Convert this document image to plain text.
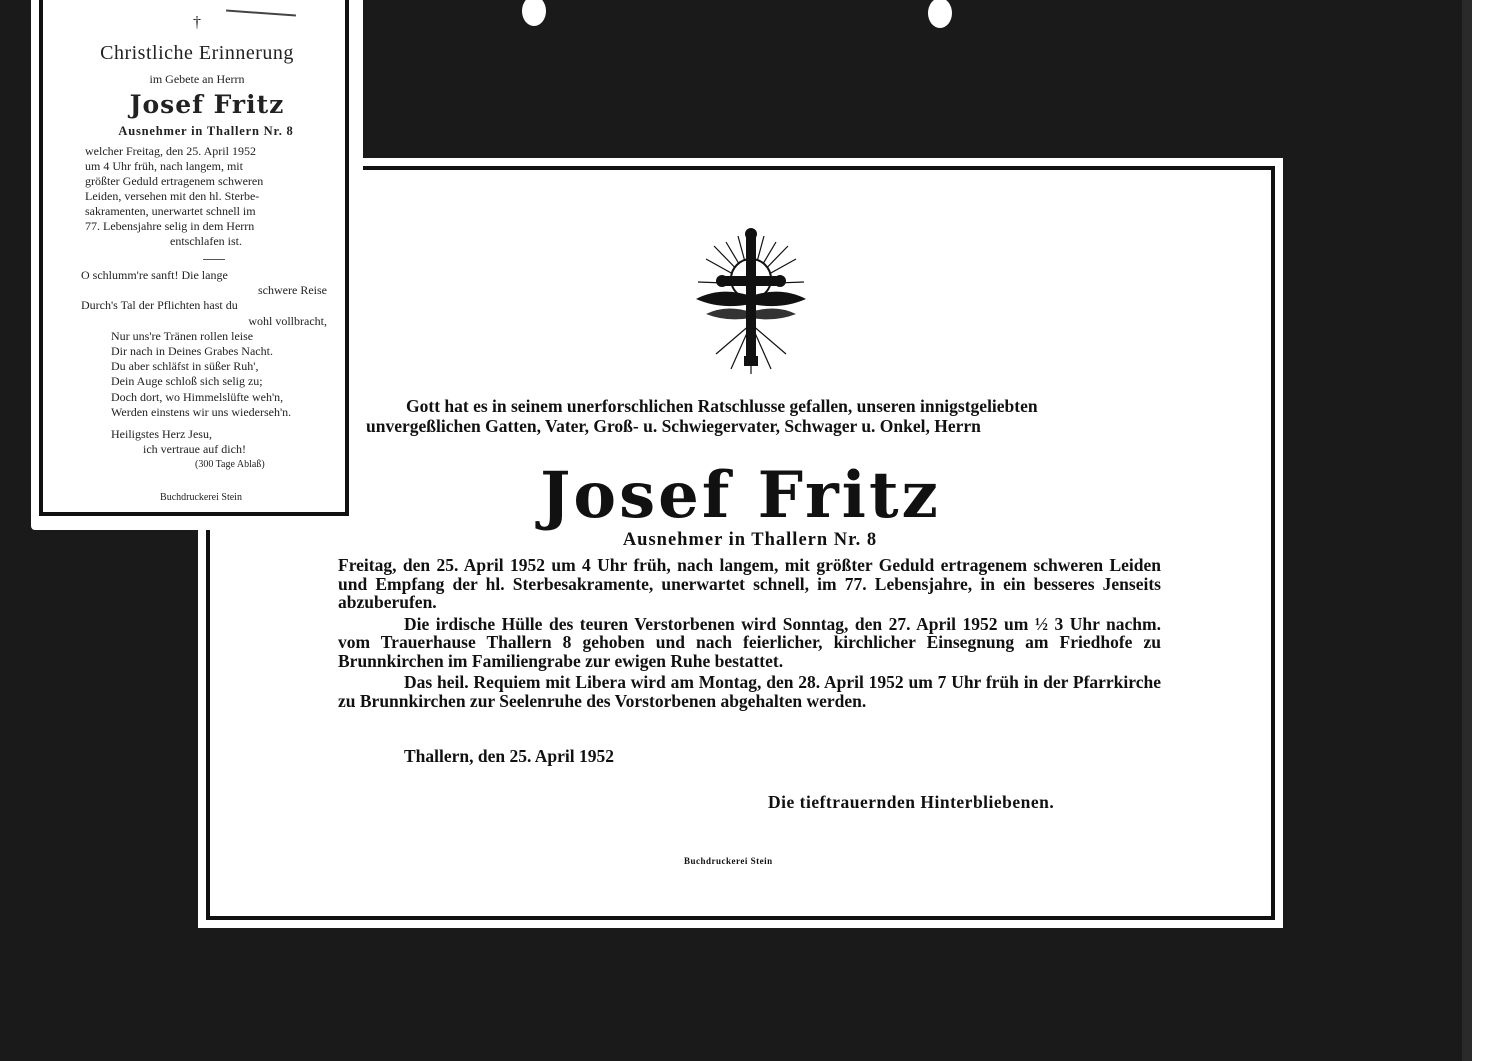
Gott hat es in seinem unerforschlichen Ratschlusse gefallen, unseren innigstgeliebten
unvergeßlichen Gatten, Vater, Groß- u. Schwiegervater, Schwager u. Onkel, Herrn
Josef Fritz
Ausnehmer in Thallern Nr. 8

Freitag, den 25. April 1952 um 4 Uhr früh, nach langem, mit größter Geduld ertragenem schweren Leiden und Empfang der hl. Sterbesakramente, unerwartet schnell, im 77. Lebensjahre, in ein besseres Jenseits abzuberufen.

Die irdische Hülle des teuren Verstorbenen wird Sonntag, den 27. April 1952 um ½ 3 Uhr nachm. vom Trauerhause Thallern 8 gehoben und nach feierlicher, kirchlicher Einsegnung am Friedhofe zu Brunnkirchen im Familiengrabe zur ewigen Ruhe bestattet.

Das heil. Requiem mit Libera wird am Montag, den 28. April 1952 um 7 Uhr früh in der Pfarrkirche zu Brunnkirchen zur Seelenruhe des Vorstorbenen abgehalten werden.

Thallern, den 25. April 1952
Die tieftrauernden Hinterbliebenen.
Buchdruckerei Stein
†
Christliche Erinnerung
im Gebete an Herrn
Josef Fritz
Ausnehmer in Thallern Nr. 8
welcher Freitag, den 25. April 1952
um 4 Uhr früh, nach langem, mit
größter Geduld ertragenem schweren
Leiden, versehen mit den hl. Sterbe-
sakramenten, unerwartet schnell im
77. Lebensjahre selig in dem Herrn
entschlafen ist.
O schlumm're sanft! Die lange
schwere Reise
Durch's Tal der Pflichten hast du
wohl vollbracht,
Nur uns're Tränen rollen leise
Dir nach in Deines Grabes Nacht.
Du aber schläfst in süßer Ruh',
Dein Auge schloß sich selig zu;
Doch dort, wo Himmelslüfte weh'n,
Werden einstens wir uns wiederseh'n.
Heiligstes Herz Jesu,
ich vertraue auf dich!
(300 Tage Ablaß)
Buchdruckerei Stein
